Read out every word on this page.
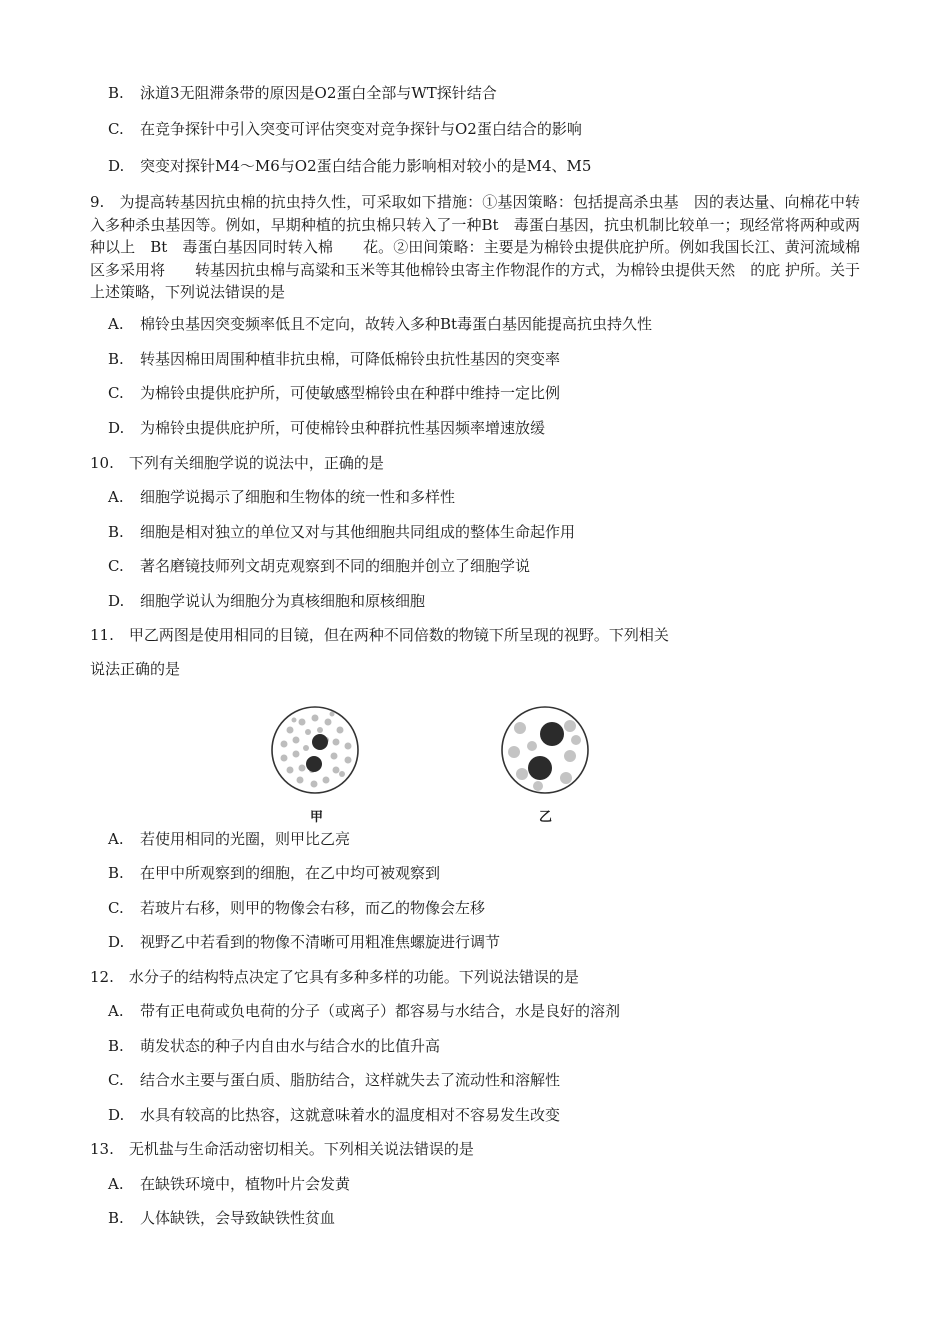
B. 泳道3无阻滞条带的原因是O2蛋白全部与WT探针结合
C. 在竞争探针中引入突变可评估突变对竞争探针与O2蛋白结合的影响
D. 突变对探针M4～M6与O2蛋白结合能力影响相对较小的是M4、M5
9.　为提高转基因抗虫棉的抗虫持久性，可采取如下措施：①基因策略：包括提高杀虫基　因的表达量、向棉花中转入多种杀虫基因等。例如，早期种植的抗虫棉只转入了一种Bt　毒蛋白基因，抗虫机制比较单一；现经常将两种或两种以上　Bt　毒蛋白基因同时转入棉　　花。②田间策略：主要是为棉铃虫提供庇护所。例如我国长江、黄河流域棉区多采用将　　转基因抗虫棉与高粱和玉米等其他棉铃虫寄主作物混作的方式，为棉铃虫提供天然　的庇 护所。关于上述策略，下列说法错误的是
A. 棉铃虫基因突变频率低且不定向，故转入多种Bt毒蛋白基因能提高抗虫持久性
B. 转基因棉田周围种植非抗虫棉，可降低棉铃虫抗性基因的突变率
C. 为棉铃虫提供庇护所，可使敏感型棉铃虫在种群中维持一定比例
D. 为棉铃虫提供庇护所，可使棉铃虫种群抗性基因频率增速放缓
10.　下列有关细胞学说的说法中，正确的是
A. 细胞学说揭示了细胞和生物体的统一性和多样性
B. 细胞是相对独立的单位又对与其他细胞共同组成的整体生命起作用
C. 著名磨镜技师列文胡克观察到不同的细胞并创立了细胞学说
D. 细胞学说认为细胞分为真核细胞和原核细胞
11.　甲乙两图是使用相同的目镜，但在两种不同倍数的物镜下所呈现的视野。下列相关
说法正确的是
甲	乙
A. 若使用相同的光圈，则甲比乙亮
B. 在甲中所观察到的细胞，在乙中均可被观察到
C. 若玻片右移，则甲的物像会右移，而乙的物像会左移
D. 视野乙中若看到的物像不清晰可用粗准焦螺旋进行调节
12.　水分子的结构特点决定了它具有多种多样的功能。下列说法错误的是
A. 带有正电荷或负电荷的分子（或离子）都容易与水结合，水是良好的溶剂
B. 萌发状态的种子内自由水与结合水的比值升高
C. 结合水主要与蛋白质、脂肪结合，这样就失去了流动性和溶解性
D. 水具有较高的比热容，这就意味着水的温度相对不容易发生改变
13.　无机盐与生命活动密切相关。下列相关说法错误的是
A. 在缺铁环境中，植物叶片会发黄
B. 人体缺铁，会导致缺铁性贫血
